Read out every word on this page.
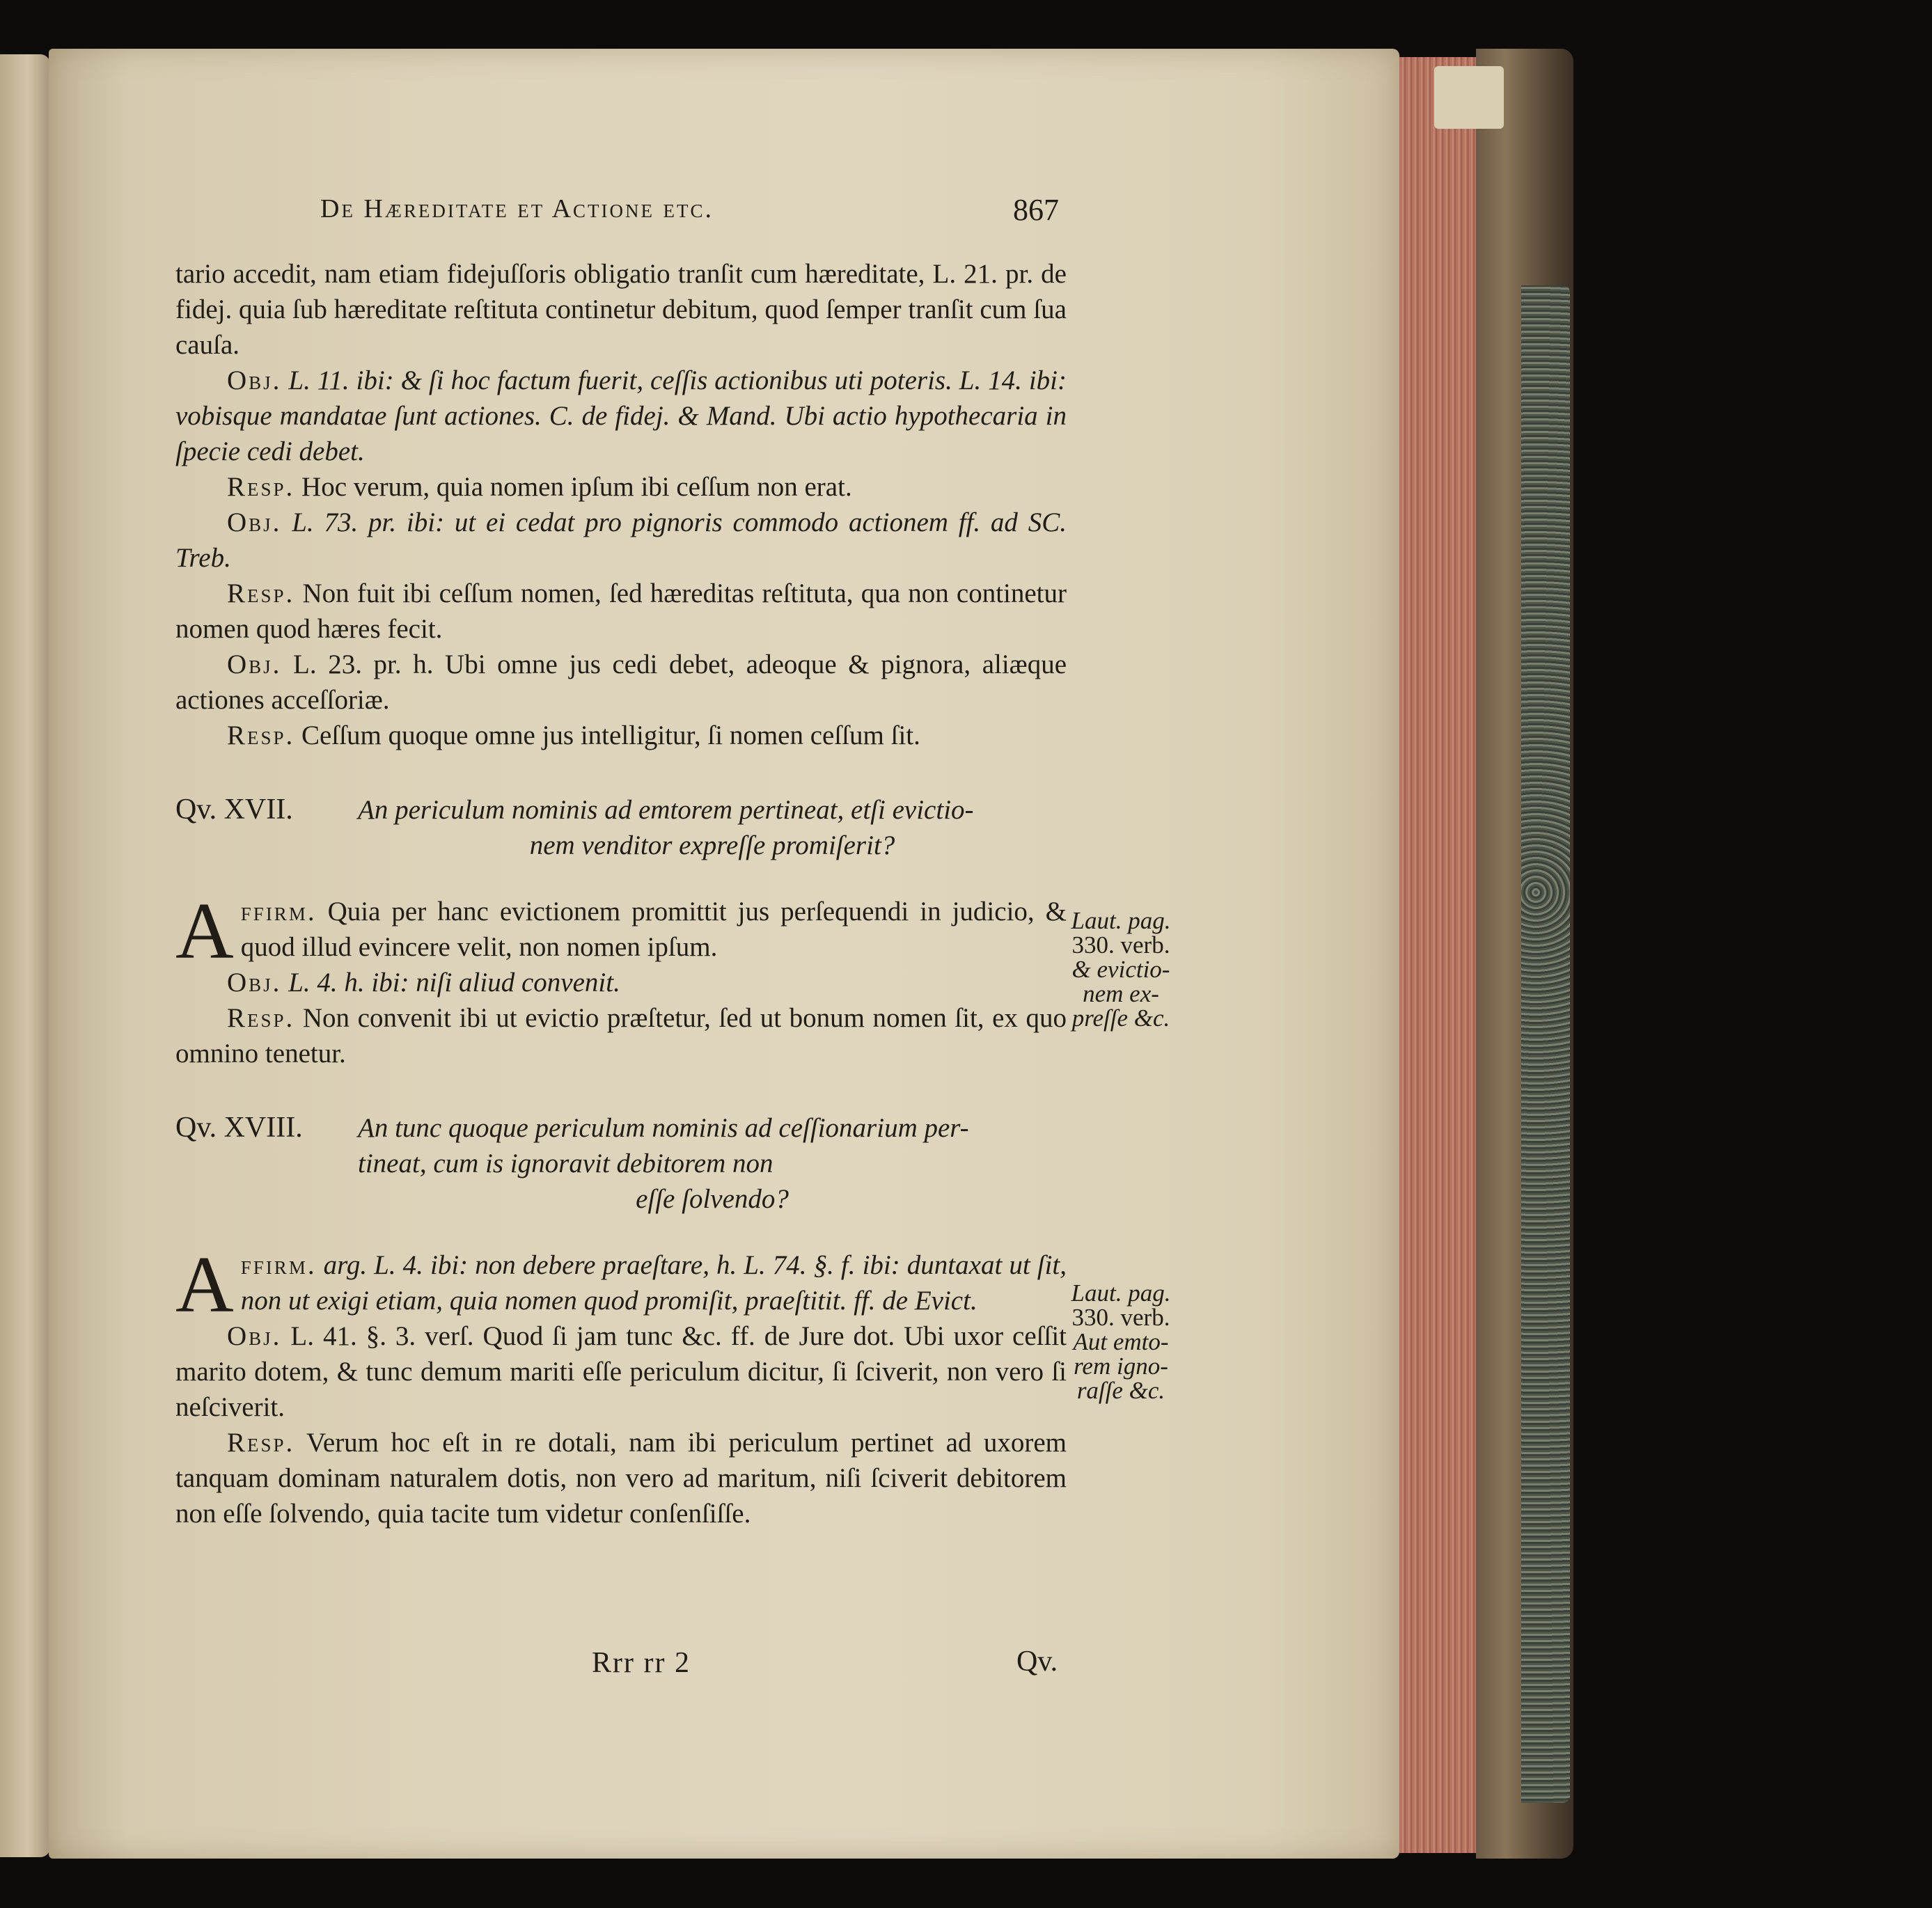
De Hæreditate et Actione etc.	867

tario accedit, nam etiam fidejuſſoris obligatio tranſit cum hæreditate, L. 21. pr. de fidej. quia ſub hæreditate reſtituta continetur debitum, quod ſemper tranſit cum ſua cauſa.

Obj. L. 11. ibi: & ſi hoc factum fuerit, ceſſis actionibus uti poteris. L. 14. ibi: vobisque mandatae ſunt actiones. C. de fidej. & Mand. Ubi actio hypothecaria in ſpecie cedi debet.

Resp. Hoc verum, quia nomen ipſum ibi ceſſum non erat.

Obj. L. 73. pr. ibi: ut ei cedat pro pignoris commodo actionem ff. ad SC. Treb.

Resp. Non fuit ibi ceſſum nomen, ſed hæreditas reſtituta, qua non continetur nomen quod hæres fecit.

Obj. L. 23. pr. h. Ubi omne jus cedi debet, adeoque & pignora, aliæque actiones acceſſoriæ.

Resp. Ceſſum quoque omne jus intelligitur, ſi nomen ceſſum ſit.

Qv. XVII.	An periculum nominis ad emtorem pertineat, etſi evictio-
nem venditor expreſſe promiſerit?
A ffirm. Quia per hanc evictionem promittit jus perſequendi in judicio, & quod illud evincere velit, non nomen ipſum.

Obj. L. 4. h. ibi: niſi aliud convenit.

Resp. Non convenit ibi ut evictio præſtetur, ſed ut bonum nomen ſit, ex quo omnino tenetur.

Qv. XVIII.	An tunc quoque periculum nominis ad ceſſionarium per-
tineat, cum is ignoravit debitorem non
eſſe ſolvendo?
A ffirm. arg. L. 4. ibi: non debere praeſtare, h. L. 74. §. f. ibi: duntaxat ut ſit, non ut exigi etiam, quia nomen quod promiſit, praeſtitit. ff. de Evict.

Obj. L. 41. §. 3. verſ. Quod ſi jam tunc &c. ff. de Jure dot. Ubi uxor ceſſit marito dotem, & tunc demum mariti eſſe periculum dicitur, ſi ſciverit, non vero ſi neſciverit.

Resp. Verum hoc eſt in re dotali, nam ibi periculum pertinet ad uxorem tanquam dominam naturalem dotis, non vero ad maritum, niſi ſciverit debitorem non eſſe ſolvendo, quia tacite tum videtur conſenſiſſe.

Laut. pag.
330. verb.
& evictio-
nem ex-
preſſe &c.
Laut. pag.
330. verb.
Aut emto-
rem igno-
raſſe &c.
Rrr rr 2	Qv.
